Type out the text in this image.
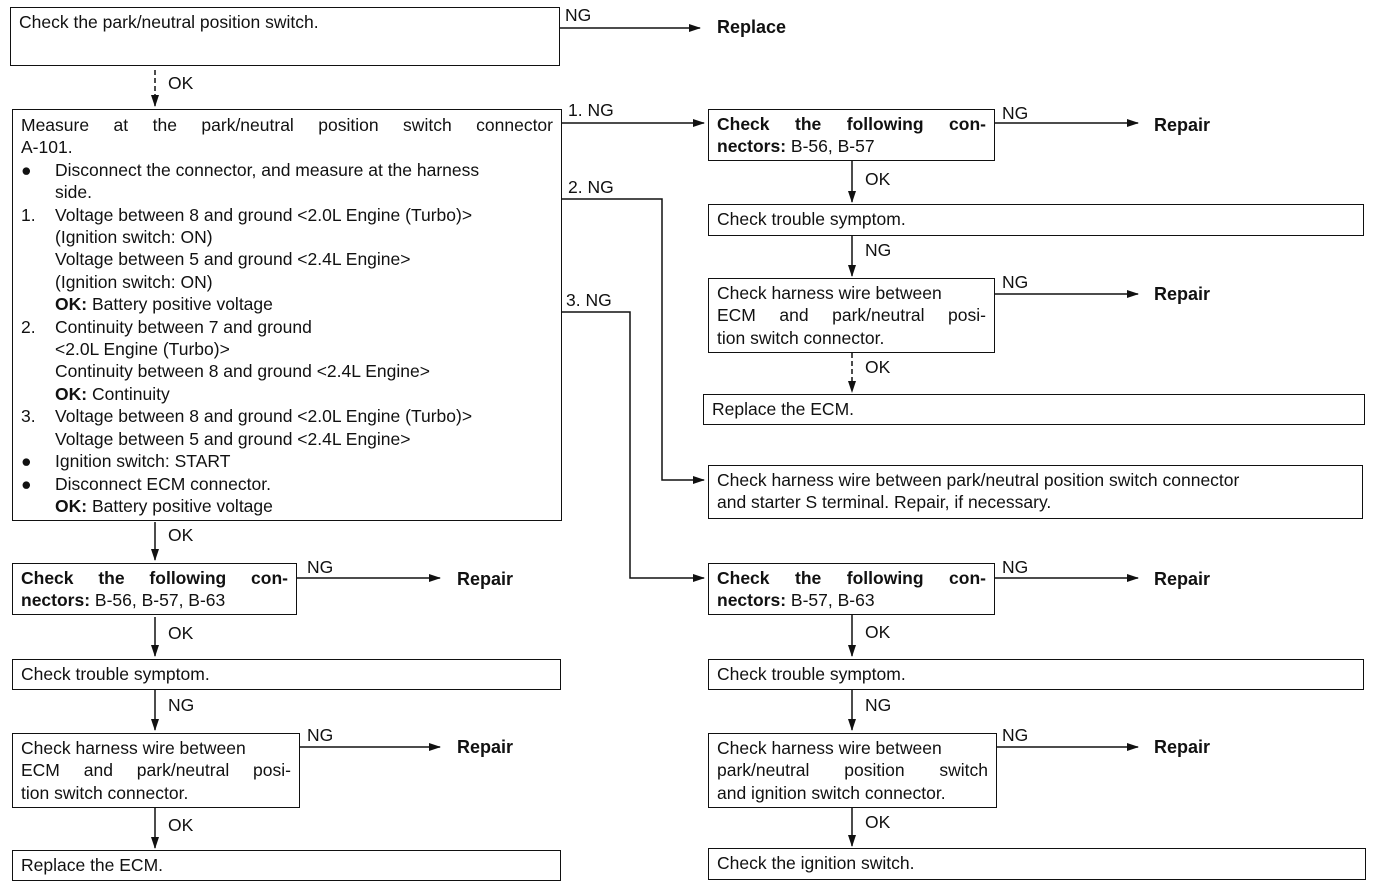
NG
OK
1. NG
2. NG
3. NG
OK
NG
OK
NG
NG
OK
NG
OK
NG
NG
OK
NG
OK
NG
NG
OK
Replace
Repair
Repair
Repair
Repair
Repair
Repair

Check the park/neutral position switch.

Measure at the park/neutral position switch connector

A-101.

●	Disconnect the connector, and measure at the harness

side.

1.	Voltage between 8 and ground <2.0L Engine (Turbo)>

(Ignition switch: ON)

Voltage between 5 and ground <2.4L Engine>

(Ignition switch: ON)

OK: Battery positive voltage

2.	Continuity between 7 and ground

<2.0L Engine (Turbo)>

Continuity between 8 and ground <2.4L Engine>

OK: Continuity

3.	Voltage between 8 and ground <2.0L Engine (Turbo)>

Voltage between 5 and ground <2.4L Engine>

●	Ignition switch: START
●	Disconnect ECM connector.

OK: Battery positive voltage

Check the following con-

nectors: B-56, B-57, B-63

Check trouble symptom.

Check harness wire between

ECM and park/neutral posi-

tion switch connector.

Replace the ECM.

Check the following con-

nectors: B-56, B-57

Check trouble symptom.

Check harness wire between

ECM and park/neutral posi-

tion switch connector.

Replace the ECM.

Check harness wire between park/neutral position switch connector

and starter S terminal. Repair, if necessary.

Check the following con-

nectors: B-57, B-63

Check trouble symptom.

Check harness wire between

park/neutral position switch

and ignition switch connector.

Check the ignition switch.
